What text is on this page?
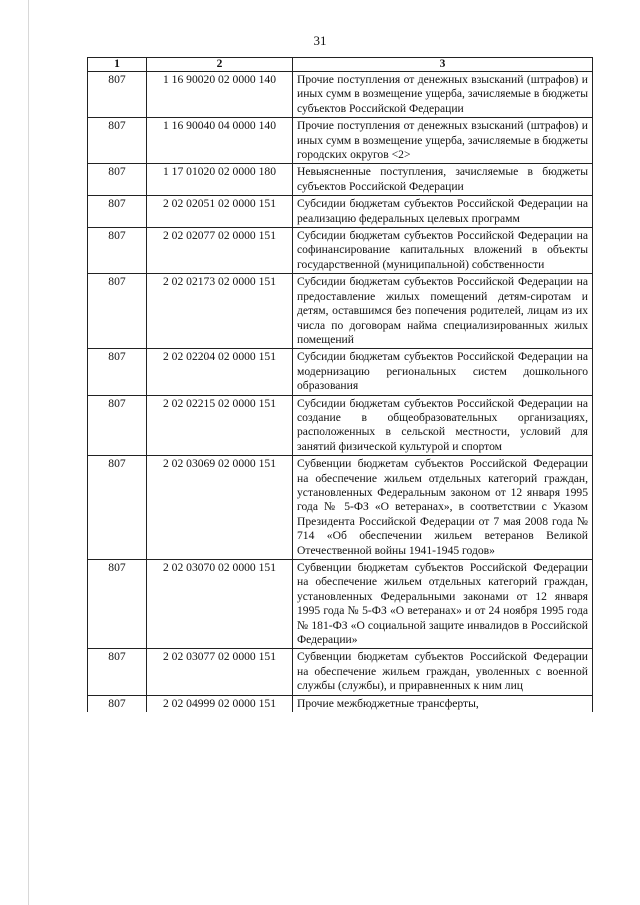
31
1	2	3
807	1 16 90020 02 0000 140	Прочие поступления от денежных взысканий (штрафов) и иных сумм в возмещение ущерба, зачисляемые в бюджеты субъектов Российской Федерации
807	1 16 90040 04 0000 140	Прочие поступления от денежных взысканий (штрафов) и иных сумм в возмещение ущерба, зачисляемые в бюджеты городских округов <2>
807	1 17 01020 02 0000 180	Невыясненные поступления, зачисляемые в бюджеты субъектов Российской Федерации
807	2 02 02051 02 0000 151	Субсидии бюджетам субъектов Российской Федерации на реализацию федеральных целевых программ
807	2 02 02077 02 0000 151	Субсидии бюджетам субъектов Российской Федерации на софинансирование капитальных вложений в объекты государственной (муниципальной) собственности
807	2 02 02173 02 0000 151	Субсидии бюджетам субъектов Российской Федерации на предоставление жилых помещений детям-сиротам и детям, оставшимся без попечения родителей, лицам из их числа по договорам найма специализированных жилых помещений
807	2 02 02204 02 0000 151	Субсидии бюджетам субъектов Российской Федерации на модернизацию региональных систем дошкольного образования
807	2 02 02215 02 0000 151	Субсидии бюджетам субъектов Российской Федерации на создание в общеобразовательных организациях, расположенных в сельской местности, условий для занятий физической культурой и спортом
807	2 02 03069 02 0000 151	Субвенции бюджетам субъектов Российской Федерации на обеспечение жильем отдельных категорий граждан, установленных Федеральным законом от 12 января 1995 года № 5-ФЗ «О ветеранах», в соответствии с Указом Президента Российской Федерации от 7 мая 2008 года № 714 «Об обеспечении жильем ветеранов Великой Отечественной войны 1941-1945 годов»
807	2 02 03070 02 0000 151	Субвенции бюджетам субъектов Российской Федерации на обеспечение жильем отдельных категорий граждан, установленных Федеральными законами от 12 января 1995 года № 5-ФЗ «О ветеранах» и от 24 ноября 1995 года № 181-ФЗ «О социальной защите инвалидов в Российской Федерации»
807	2 02 03077 02 0000 151	Субвенции бюджетам субъектов Российской Федерации на обеспечение жильем граждан, уволенных с военной службы (службы), и приравненных к ним лиц
807	2 02 04999 02 0000 151	Прочие межбюджетные трансферты,
